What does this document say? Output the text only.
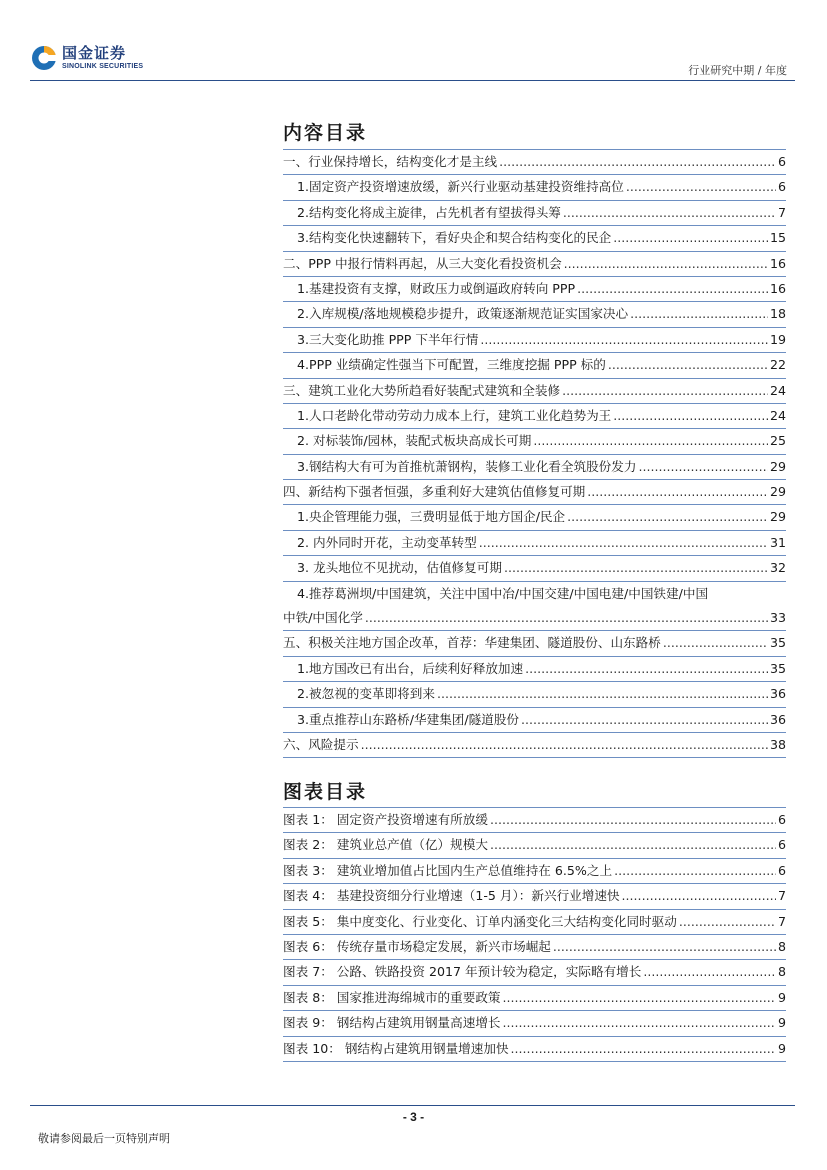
国金证券
SINOLINK SECURITIES	行业研究中期 / 年度
内容目录
一、行业保持增长，结构变化才是主线 .....	6
1.固定资产投资增速放缓，新兴行业驱动基建投资维持高位 .....	6
2.结构变化将成主旋律，占先机者有望拔得头筹 .....	7
3.结构变化快速翻转下，看好央企和契合结构变化的民企 .....	15
二、PPP 中报行情料再起，从三大变化看投资机会 .....	16
1.基建投资有支撑，财政压力或倒逼政府转向 PPP .....	16
2.入库规模/落地规模稳步提升，政策逐渐规范证实国家决心 .....	18
3.三大变化助推 PPP 下半年行情 .....	19
4.PPP 业绩确定性强当下可配置，三维度挖掘 PPP 标的 .....	22
三、建筑工业化大势所趋看好装配式建筑和全装修 .....	24
1.人口老龄化带动劳动力成本上行，建筑工业化趋势为王 .....	24
2. 对标装饰/园林，装配式板块高成长可期 .....	25
3.钢结构大有可为首推杭萧钢构，装修工业化看全筑股份发力 .....	29
四、新结构下强者恒强，多重利好大建筑估值修复可期 .....	29
1.央企管理能力强，三费明显低于地方国企/民企 .....	29
2. 内外同时开花，主动变革转型 .....	31
3. 龙头地位不见扰动，估值修复可期 .....	32
4.推荐葛洲坝/中国建筑，关注中国中冶/中国交建/中国电建/中国铁建/中国
中铁/中国化学 .....	33
五、积极关注地方国企改革，首荐：华建集团、隧道股份、山东路桥 .....	35
1.地方国改已有出台，后续利好释放加速 .....	35
2.被忽视的变革即将到来 .....	36
3.重点推荐山东路桥/华建集团/隧道股份 .....	36
六、风险提示 .....	38
图表目录
图表 1： 固定资产投资增速有所放缓 .....	6
图表 2： 建筑业总产值（亿）规模大 .....	6
图表 3： 建筑业增加值占比国内生产总值维持在 6.5%之上 .....	6
图表 4： 基建投资细分行业增速（1-5 月）：新兴行业增速快 .....	7
图表 5： 集中度变化、行业变化、订单内涵变化三大结构变化同时驱动 .....	7
图表 6： 传统存量市场稳定发展，新兴市场崛起 .....	8
图表 7： 公路、铁路投资 2017 年预计较为稳定，实际略有增长 .....	8
图表 8： 国家推进海绵城市的重要政策 .....	9
图表 9： 钢结构占建筑用钢量高速增长 .....	9
图表 10： 钢结构占建筑用钢量增速加快 .....	9
- 3 -
敬请参阅最后一页特别声明
